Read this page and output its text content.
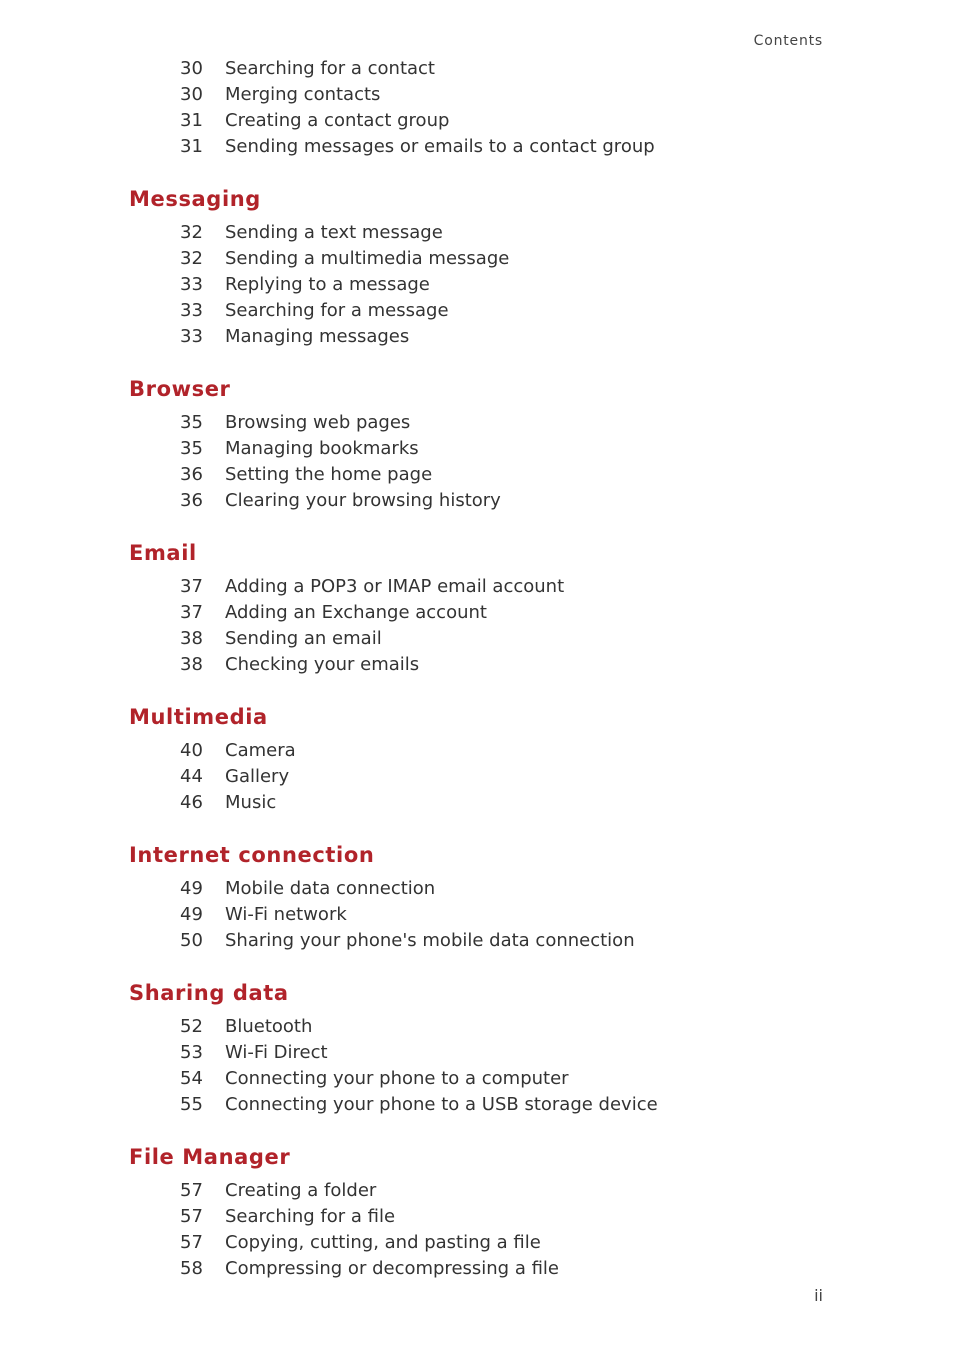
Contents
30	Searching for a contact
30	Merging contacts
31	Creating a contact group
31	Sending messages or emails to a contact group
Messaging
32	Sending a text message
32	Sending a multimedia message
33	Replying to a message
33	Searching for a message
33	Managing messages
Browser
35	Browsing web pages
35	Managing bookmarks
36	Setting the home page
36	Clearing your browsing history
Email
37	Adding a POP3 or IMAP email account
37	Adding an Exchange account
38	Sending an email
38	Checking your emails
Multimedia
40	Camera
44	Gallery
46	Music
Internet connection
49	Mobile data connection
49	Wi-Fi network
50	Sharing your phone's mobile data connection
Sharing data
52	Bluetooth
53	Wi-Fi Direct
54	Connecting your phone to a computer
55	Connecting your phone to a USB storage device
File Manager
57	Creating a folder
57	Searching for a file
57	Copying, cutting, and pasting a file
58	Compressing or decompressing a file
ii
